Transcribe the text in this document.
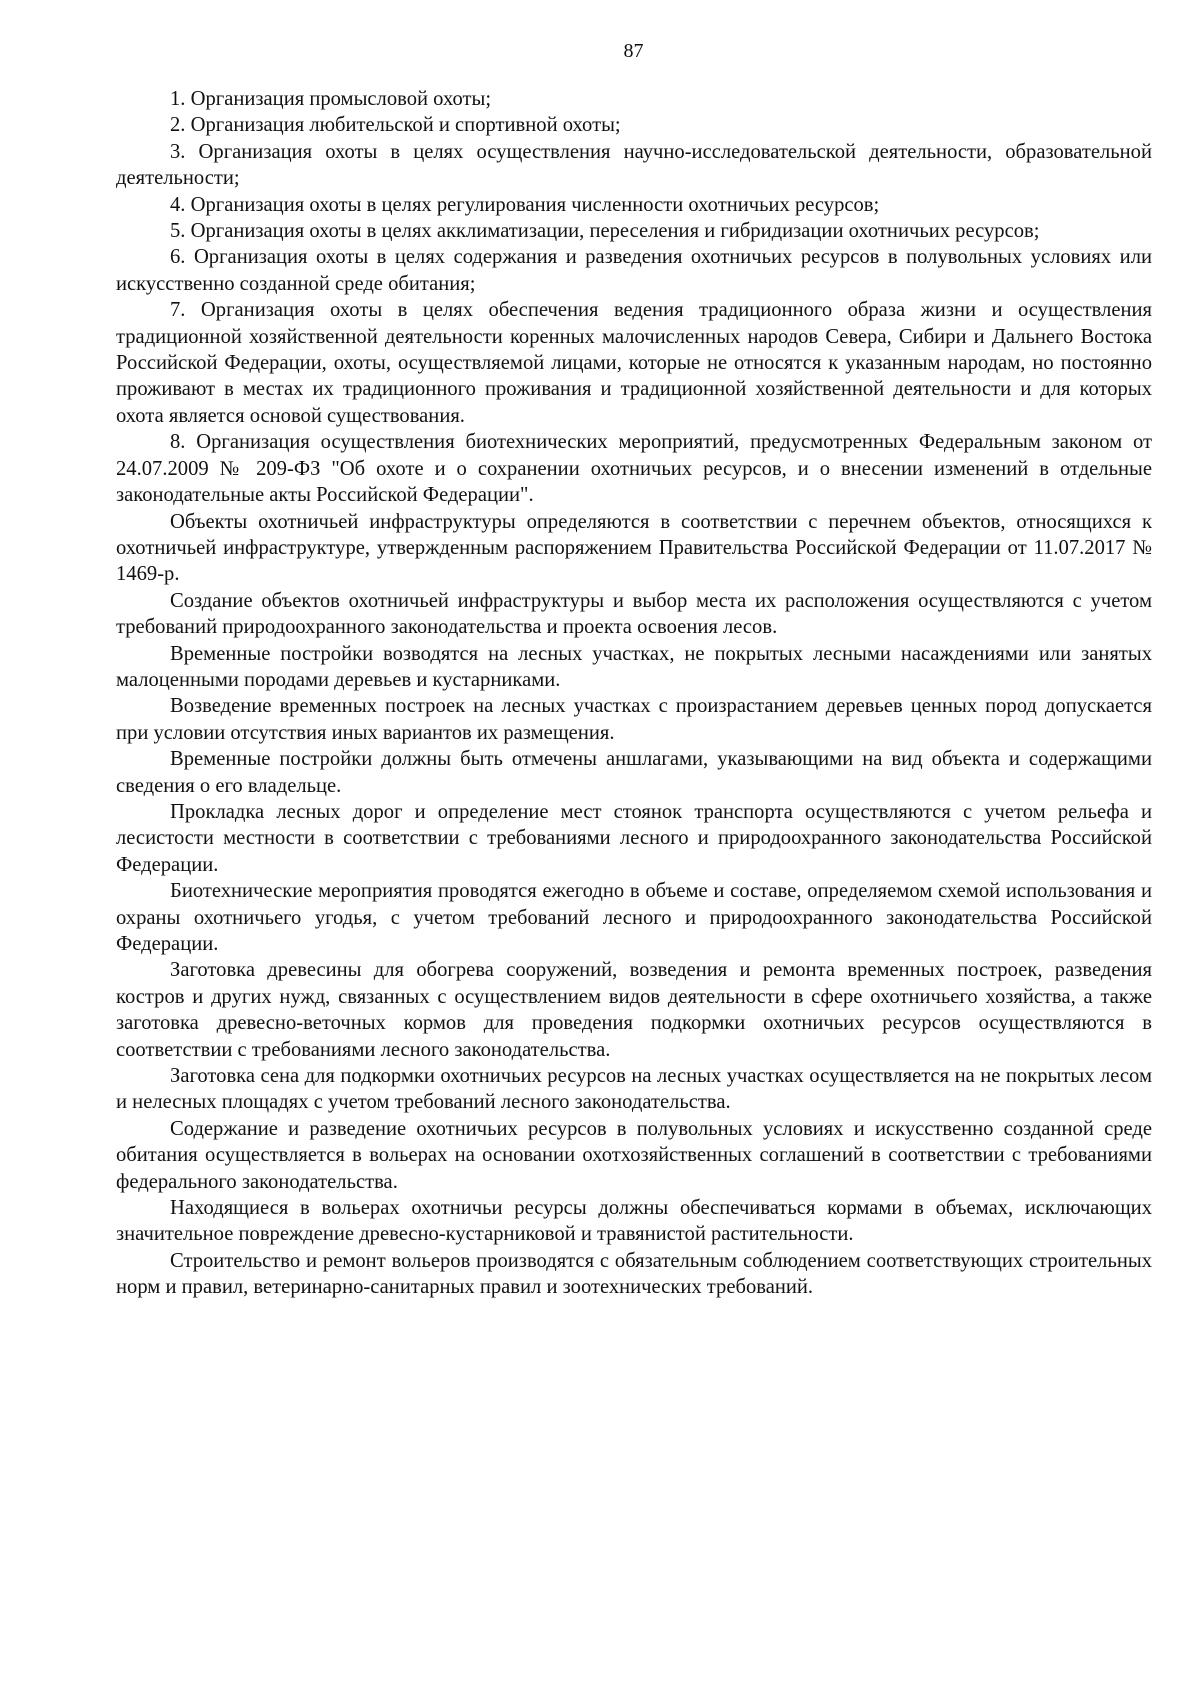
87

1. Организация промысловой охоты;

2. Организация любительской и спортивной охоты;

3. Организация охоты в целях осуществления научно-исследовательской деятельности, образовательной деятельности;

4. Организация охоты в целях регулирования численности охотничьих ресурсов;

5. Организация охоты в целях акклиматизации, переселения и гибридизации охотничьих ресурсов;

6. Организация охоты в целях содержания и разведения охотничьих ресурсов в полувольных условиях или искусственно созданной среде обитания;

7. Организация охоты в целях обеспечения ведения традиционного образа жизни и осуществления традиционной хозяйственной деятельности коренных малочисленных народов Севера, Сибири и Дальнего Востока Российской Федерации, охоты, осуществляемой лицами, которые не относятся к указанным народам, но постоянно проживают в местах их традиционного проживания и традиционной хозяйственной деятельности и для которых охота является основой существования.

8. Организация осуществления биотехнических мероприятий, предусмотренных Федеральным законом от 24.07.2009 № 209-ФЗ "Об охоте и о сохранении охотничьих ресурсов, и о внесении изменений в отдельные законодательные акты Российской Федерации".

Объекты охотничьей инфраструктуры определяются в соответствии с перечнем объектов, относящихся к охотничьей инфраструктуре, утвержденным распоряжением Правительства Российской Федерации от 11.07.2017 № 1469-р.

Создание объектов охотничьей инфраструктуры и выбор места их расположения осуществляются с учетом требований природоохранного законодательства и проекта освоения лесов.

Временные постройки возводятся на лесных участках, не покрытых лесными насаждениями или занятых малоценными породами деревьев и кустарниками.

Возведение временных построек на лесных участках с произрастанием деревьев ценных пород допускается при условии отсутствия иных вариантов их размещения.

Временные постройки должны быть отмечены аншлагами, указывающими на вид объекта и содержащими сведения о его владельце.

Прокладка лесных дорог и определение мест стоянок транспорта осуществляются с учетом рельефа и лесистости местности в соответствии с требованиями лесного и природоохранного законодательства Российской Федерации.

Биотехнические мероприятия проводятся ежегодно в объеме и составе, определяемом схемой использования и охраны охотничьего угодья, с учетом требований лесного и природоохранного законодательства Российской Федерации.

Заготовка древесины для обогрева сооружений, возведения и ремонта временных построек, разведения костров и других нужд, связанных с осуществлением видов деятельности в сфере охотничьего хозяйства, а также заготовка древесно-веточных кормов для проведения подкормки охотничьих ресурсов осуществляются в соответствии с требованиями лесного законодательства.

Заготовка сена для подкормки охотничьих ресурсов на лесных участках осуществляется на не покрытых лесом и нелесных площадях с учетом требований лесного законодательства.

Содержание и разведение охотничьих ресурсов в полувольных условиях и искусственно созданной среде обитания осуществляется в вольерах на основании охотхозяйственных соглашений в соответствии с требованиями федерального законодательства.

Находящиеся в вольерах охотничьи ресурсы должны обеспечиваться кормами в объемах, исключающих значительное повреждение древесно-кустарниковой и травянистой растительности.

Строительство и ремонт вольеров производятся с обязательным соблюдением соответствующих строительных норм и правил, ветеринарно-санитарных правил и зоотехнических требований.
